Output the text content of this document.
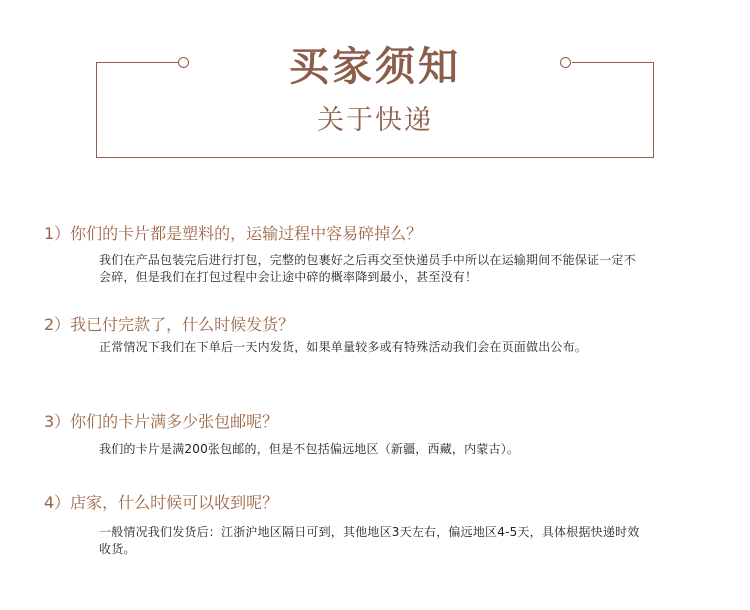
买家须知
关于快递
1）你们的卡片都是塑料的，运输过程中容易碎掉么？
我们在产品包装完后进行打包，完整的包裹好之后再交至快递员手中所以在运输期间不能保证一定不会碎，但是我们在打包过程中会让途中碎的概率降到最小，甚至没有！
2）我已付完款了，什么时候发货？
正常情况下我们在下单后一天内发货，如果单量较多或有特殊活动我们会在页面做出公布。
3）你们的卡片满多少张包邮呢？
我们的卡片是满200张包邮的，但是不包括偏远地区（新疆，西藏，内蒙古）。
4）店家，什么时候可以收到呢？
一般情况我们发货后：江浙沪地区隔日可到，其他地区3天左右，偏远地区4-5天，具体根据快递时效收货。
